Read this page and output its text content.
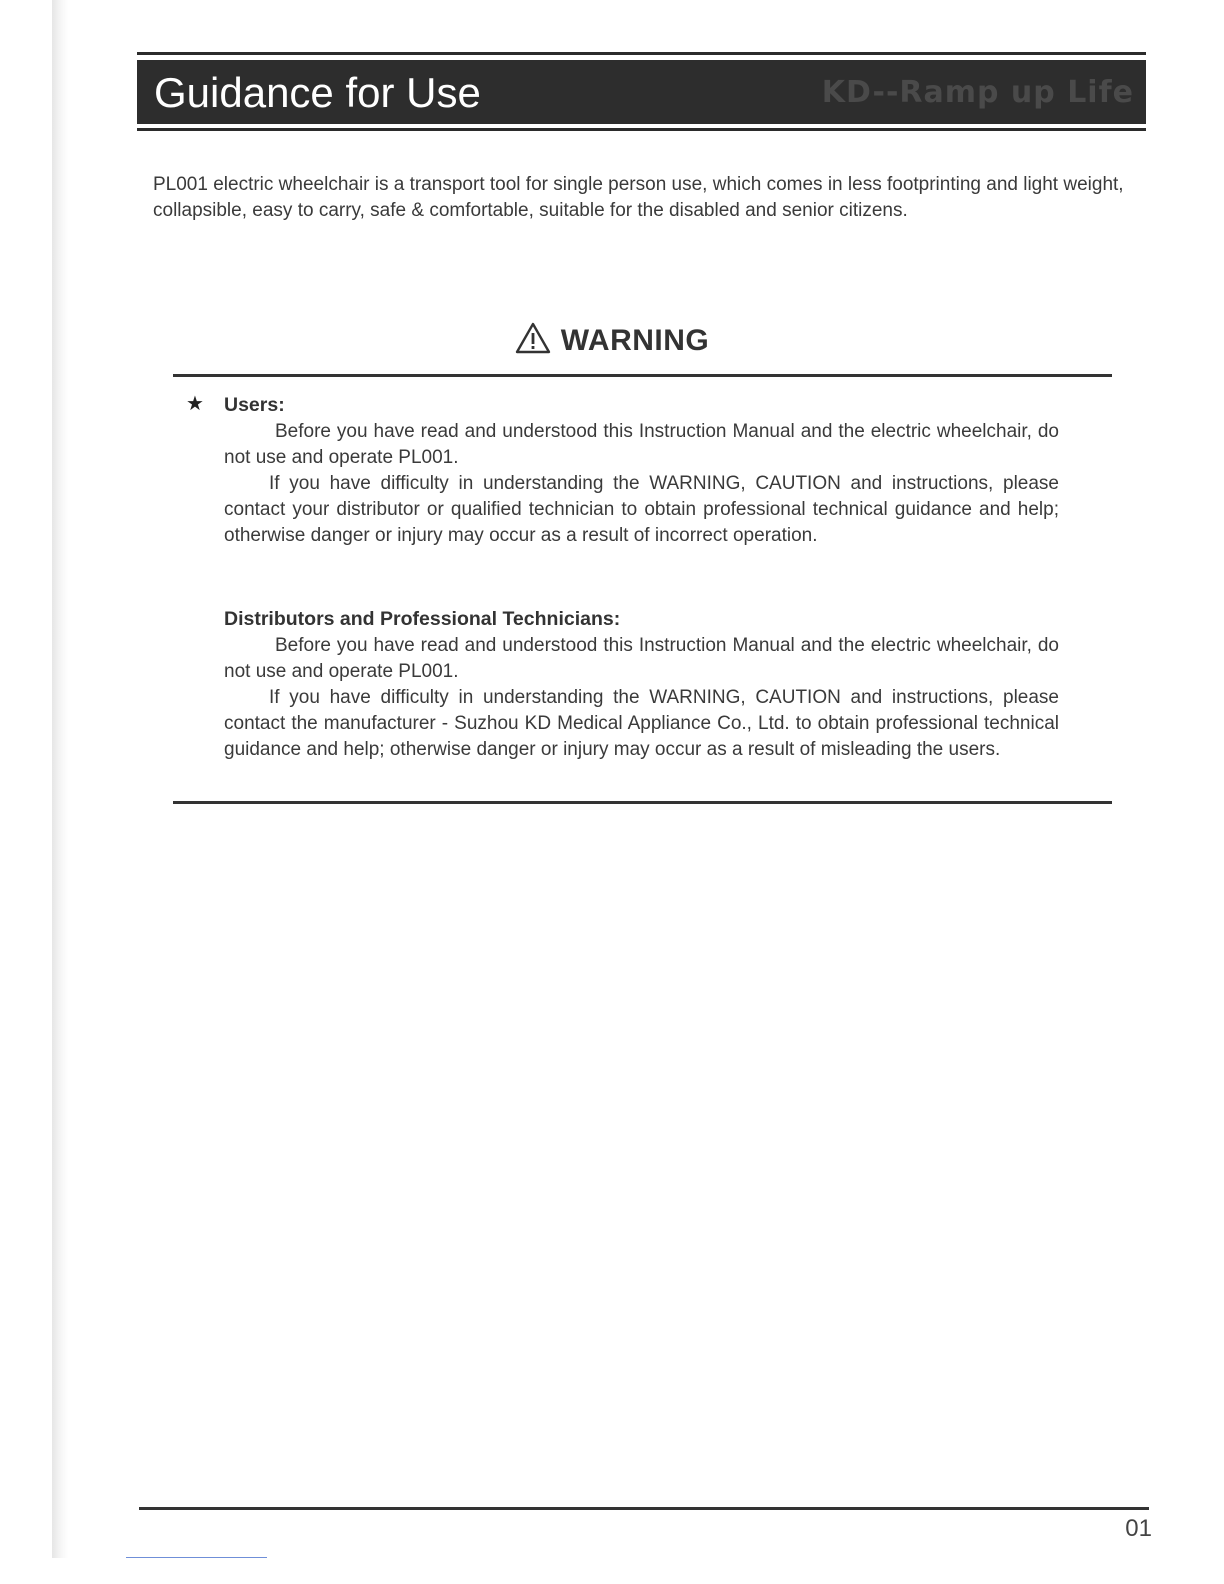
Guidance for Use	KD--Ramp up Life
PL001 electric wheelchair is a transport tool for single person use, which comes in less footprinting and light weight, collapsible, easy to carry, safe & comfortable, suitable for the disabled and senior citizens.
WARNING
★ Users:

Before you have read and understood this Instruction Manual and the electric wheelchair, do not use and operate PL001.

If you have difficulty in understanding the WARNING, CAUTION and instructions, please contact your distributor or qualified technician to obtain professional technical guidance and help; otherwise danger or injury may occur as a result of incorrect operation.

Distributors and Professional Technicians:

Before you have read and understood this Instruction Manual and the electric wheelchair, do not use and operate PL001.

If you have difficulty in understanding the WARNING, CAUTION and instructions, please contact the manufacturer - Suzhou KD Medical Appliance Co., Ltd. to obtain professional technical guidance and help; otherwise danger or injury may occur as a result of misleading the users.

01
